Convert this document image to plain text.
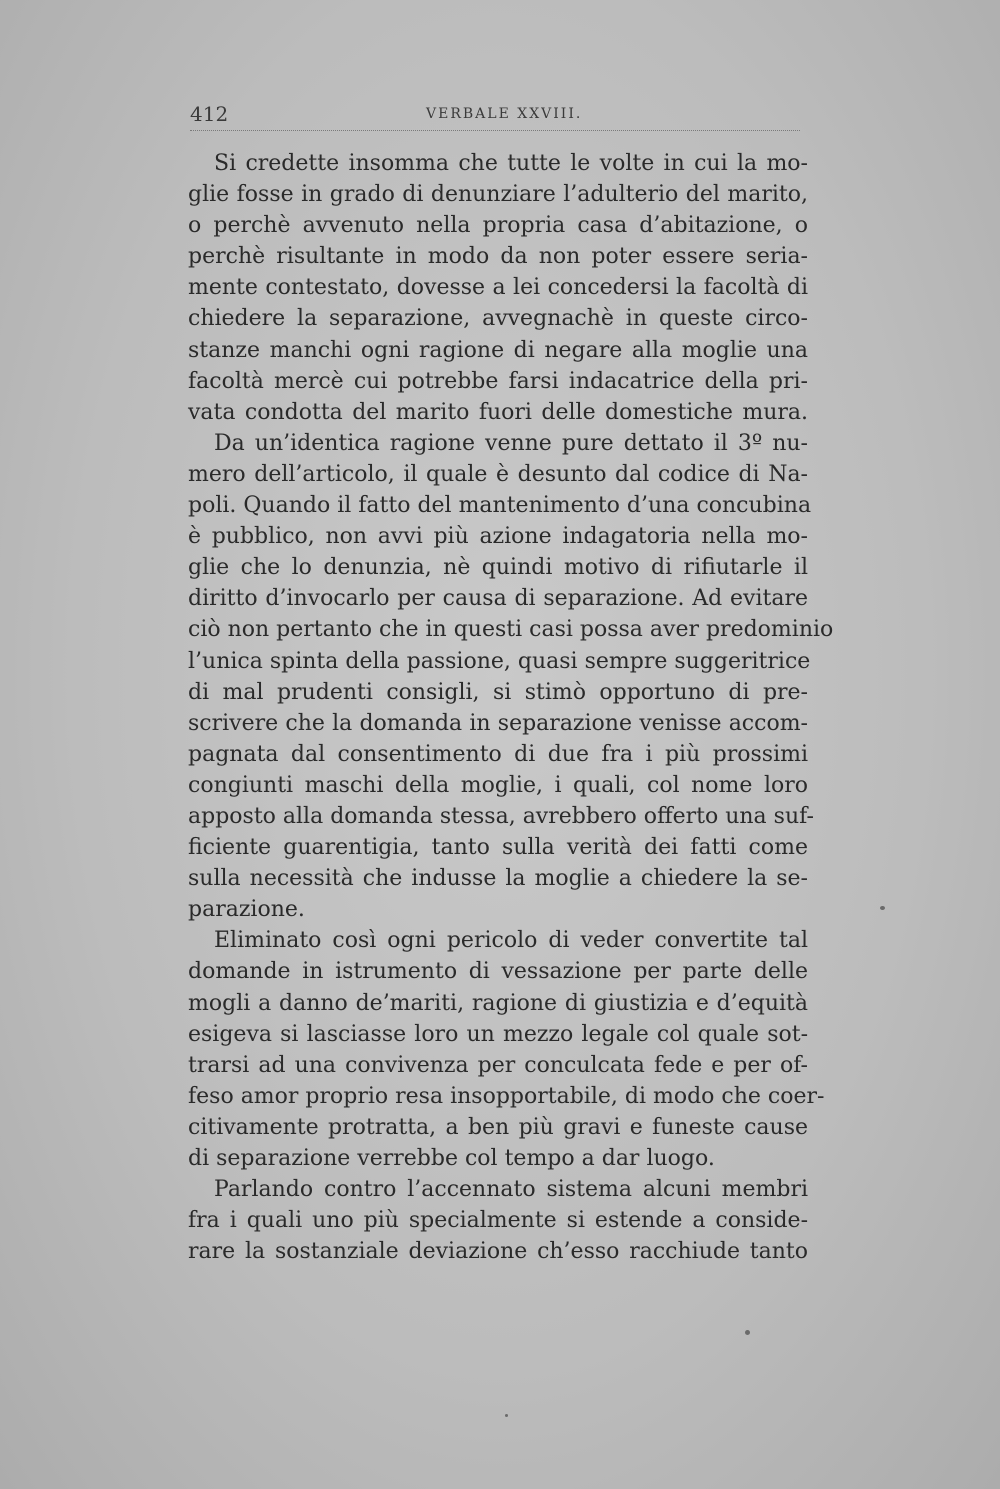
412	VERBALE XXVIII.
Si credette insomma che tutte le volte in cui la mo-
glie fosse in grado di denunziare l’adulterio del marito,
o perchè avvenuto nella propria casa d’abitazione, o
perchè risultante in modo da non poter essere seria-
mente contestato, dovesse a lei concedersi la facoltà di
chiedere la separazione, avvegnachè in queste circo-
stanze manchi ogni ragione di negare alla moglie una
facoltà mercè cui potrebbe farsi indacatrice della pri-
vata condotta del marito fuori delle domestiche mura.
Da un’identica ragione venne pure dettato il 3º nu-
mero dell’articolo, il quale è desunto dal codice di Na-
poli. Quando il fatto del mantenimento d’una concubina
è pubblico, non avvi più azione indagatoria nella mo-
glie che lo denunzia, nè quindi motivo di rifiutarle il
diritto d’invocarlo per causa di separazione. Ad evitare
ciò non pertanto che in questi casi possa aver predominio
l’unica spinta della passione, quasi sempre suggeritrice
di mal prudenti consigli, si stimò opportuno di pre-
scrivere che la domanda in separazione venisse accom-
pagnata dal consentimento di due fra i più prossimi
congiunti maschi della moglie, i quali, col nome loro
apposto alla domanda stessa, avrebbero offerto una suf-
ficiente guarentigia, tanto sulla verità dei fatti come
sulla necessità che indusse la moglie a chiedere la se-
parazione.
Eliminato così ogni pericolo di veder convertite tal
domande in istrumento di vessazione per parte delle
mogli a danno de’mariti, ragione di giustizia e d’equità
esigeva si lasciasse loro un mezzo legale col quale sot-
trarsi ad una convivenza per conculcata fede e per of-
feso amor proprio resa insopportabile, di modo che coer-
citivamente protratta, a ben più gravi e funeste cause
di separazione verrebbe col tempo a dar luogo.
Parlando contro l’accennato sistema alcuni membri
fra i quali uno più specialmente si estende a conside-
rare la sostanziale deviazione ch’esso racchiude tanto
